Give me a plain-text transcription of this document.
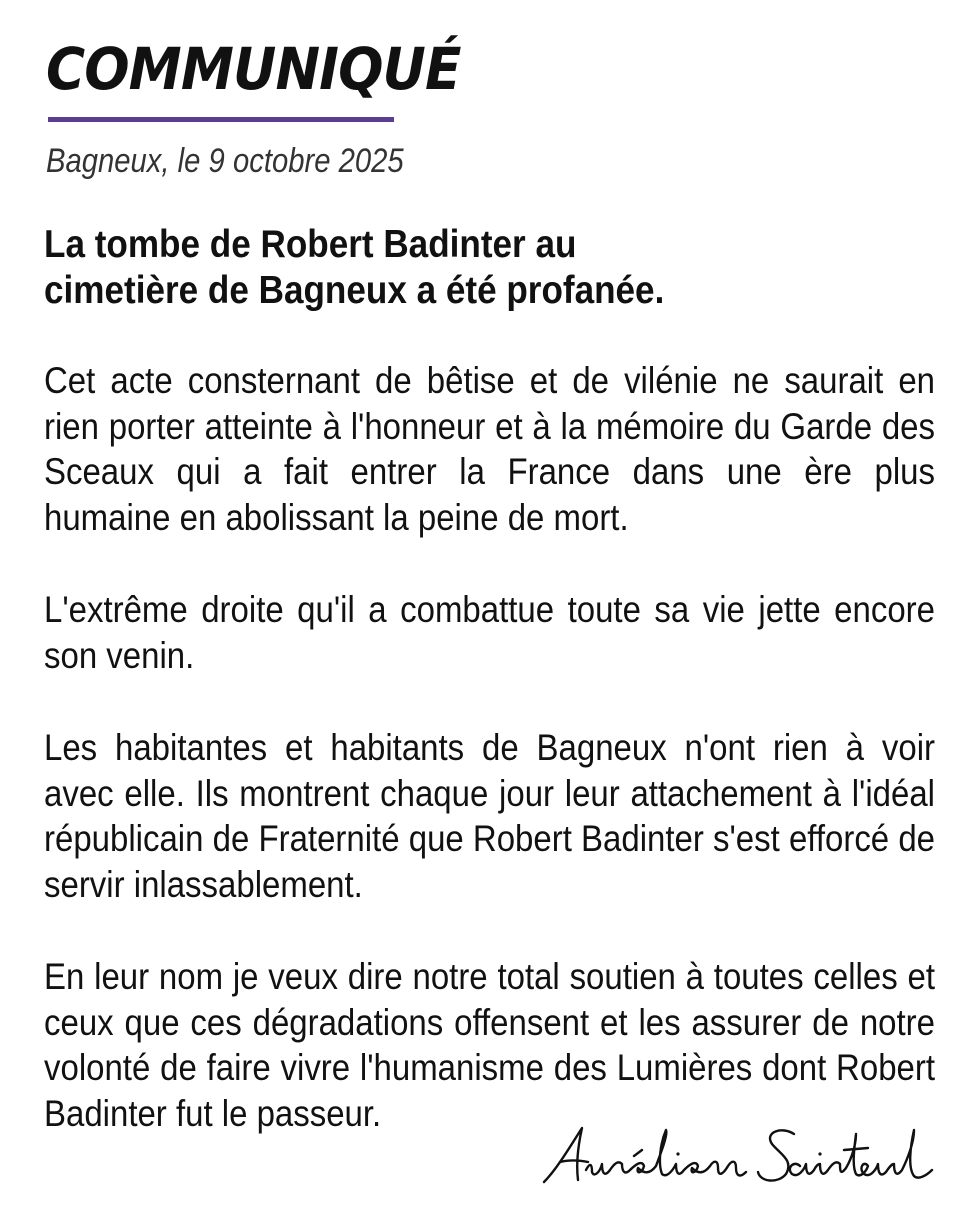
COMMUNIQUÉ
Bagneux, le 9 octobre 2025
La tombe de Robert Badinter au
cimetière de Bagneux a été profanée.

Cet acte consternant de bêtise et de vilénie ne saurait en rien porter atteinte à l'honneur et à la mémoire du Garde des Sceaux qui a fait entrer la France dans une ère plus humaine en abolissant la peine de mort.

L'extrême droite qu'il a combattue toute sa vie jette encore son venin.

Les habitantes et habitants de Bagneux n'ont rien à voir avec elle. Ils montrent chaque jour leur attachement à l'idéal républicain de Fraternité que Robert Badinter s'est efforcé de servir inlassablement.

En leur nom je veux dire notre total soutien à toutes celles et ceux que ces dégradations offensent et les assurer de notre volonté de faire vivre l'humanisme des Lumières dont Robert Badinter fut le passeur.
